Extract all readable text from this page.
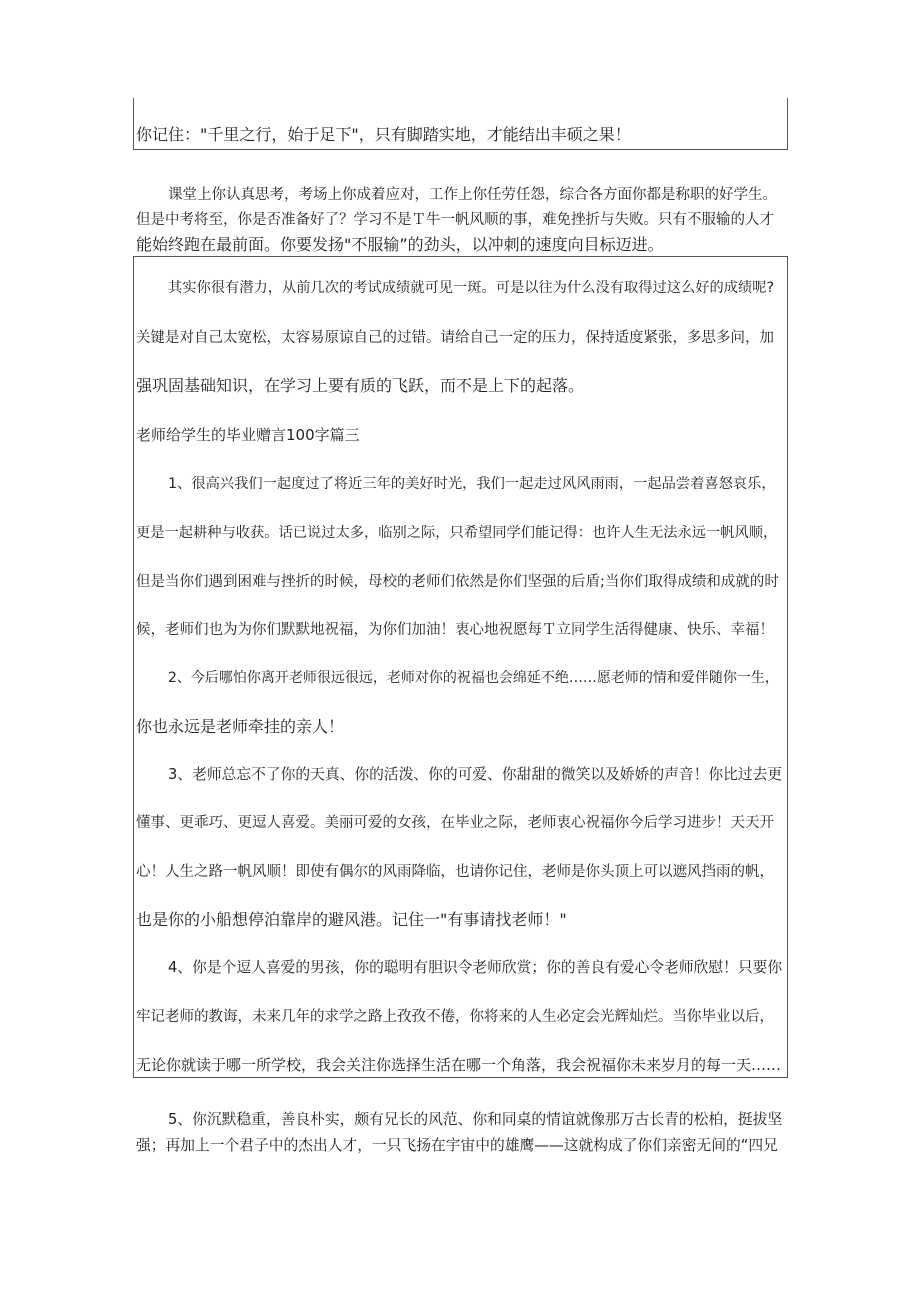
你记住："千里之行，始于足下"，只有脚踏实地，才能结出丰硕之果！
课堂上你认真思考，考场上你成着应对，工作上你任劳任怨，综合各方面你都是称职的好学生。
但是中考将至，你是否准备好了？学习不是Ｔ牛一帆风顺的事，难免挫折与失败。只有不服输的人才
能始终跑在最前面。你要发扬"不服输”的劲头，以冲刺的速度向目标迈进。
其实你很有潜力，从前几次的考试成绩就可见一斑。可是以往为什么没有取得过这么好的成绩呢?
关键是对自己太宽松，太容易原谅自己的过错。请给自己一定的压力，保持适度紧张，多思多问，加
强巩固基础知识，在学习上要有质的飞跃，而不是上下的起落。
老师给学生的毕业赠言100字篇三
1、很高兴我们一起度过了将近三年的美好时光，我们一起走过风风雨雨，一起品尝着喜怒哀乐，
更是一起耕种与收获。话已说过太多，临别之际，只希望同学们能记得：也许人生无法永远一帆风顺，
但是当你们遇到困难与挫折的时候，母校的老师们依然是你们坚强的后盾;当你们取得成绩和成就的时
候，老师们也为为你们默默地祝福，为你们加油！衷心地祝愿每Ｔ立同学生活得健康、快乐、幸福！
2、今后哪怕你离开老师很远很远，老师对你的祝福也会绵延不绝……愿老师的情和爱伴随你一生，
你也永远是老师牵挂的亲人！
3、老师总忘不了你的天真、你的活泼、你的可爱、你甜甜的微笑以及娇娇的声音！你比过去更
懂事、更乖巧、更逗人喜爱。美丽可爱的女孩，在毕业之际，老师衷心祝福你今后学习进步！天天开
心！人生之路一帆风顺！即使有偶尔的风雨降临，也请你记住，老师是你头顶上可以遮风挡雨的帆，
也是你的小船想停泊靠岸的避风港。记住一"有事请找老师！"
4、你是个逗人喜爱的男孩，你的聪明有胆识令老师欣赏；你的善良有爱心令老师欣慰！只要你
牢记老师的教诲，未来几年的求学之路上孜孜不倦，你将来的人生必定会光辉灿烂。当你毕业以后，
无论你就读于哪一所学校，我会关注你选择生活在哪一个角落，我会祝福你未来岁月的每一天……
5、你沉默稳重，善良朴实，颇有兄长的风范、你和同桌的情谊就像那万古长青的松柏，挺拔坚
强；再加上一个君子中的杰出人才，一只飞扬在宇宙中的雄鹰——这就构成了你们亲密无间的“四兄
